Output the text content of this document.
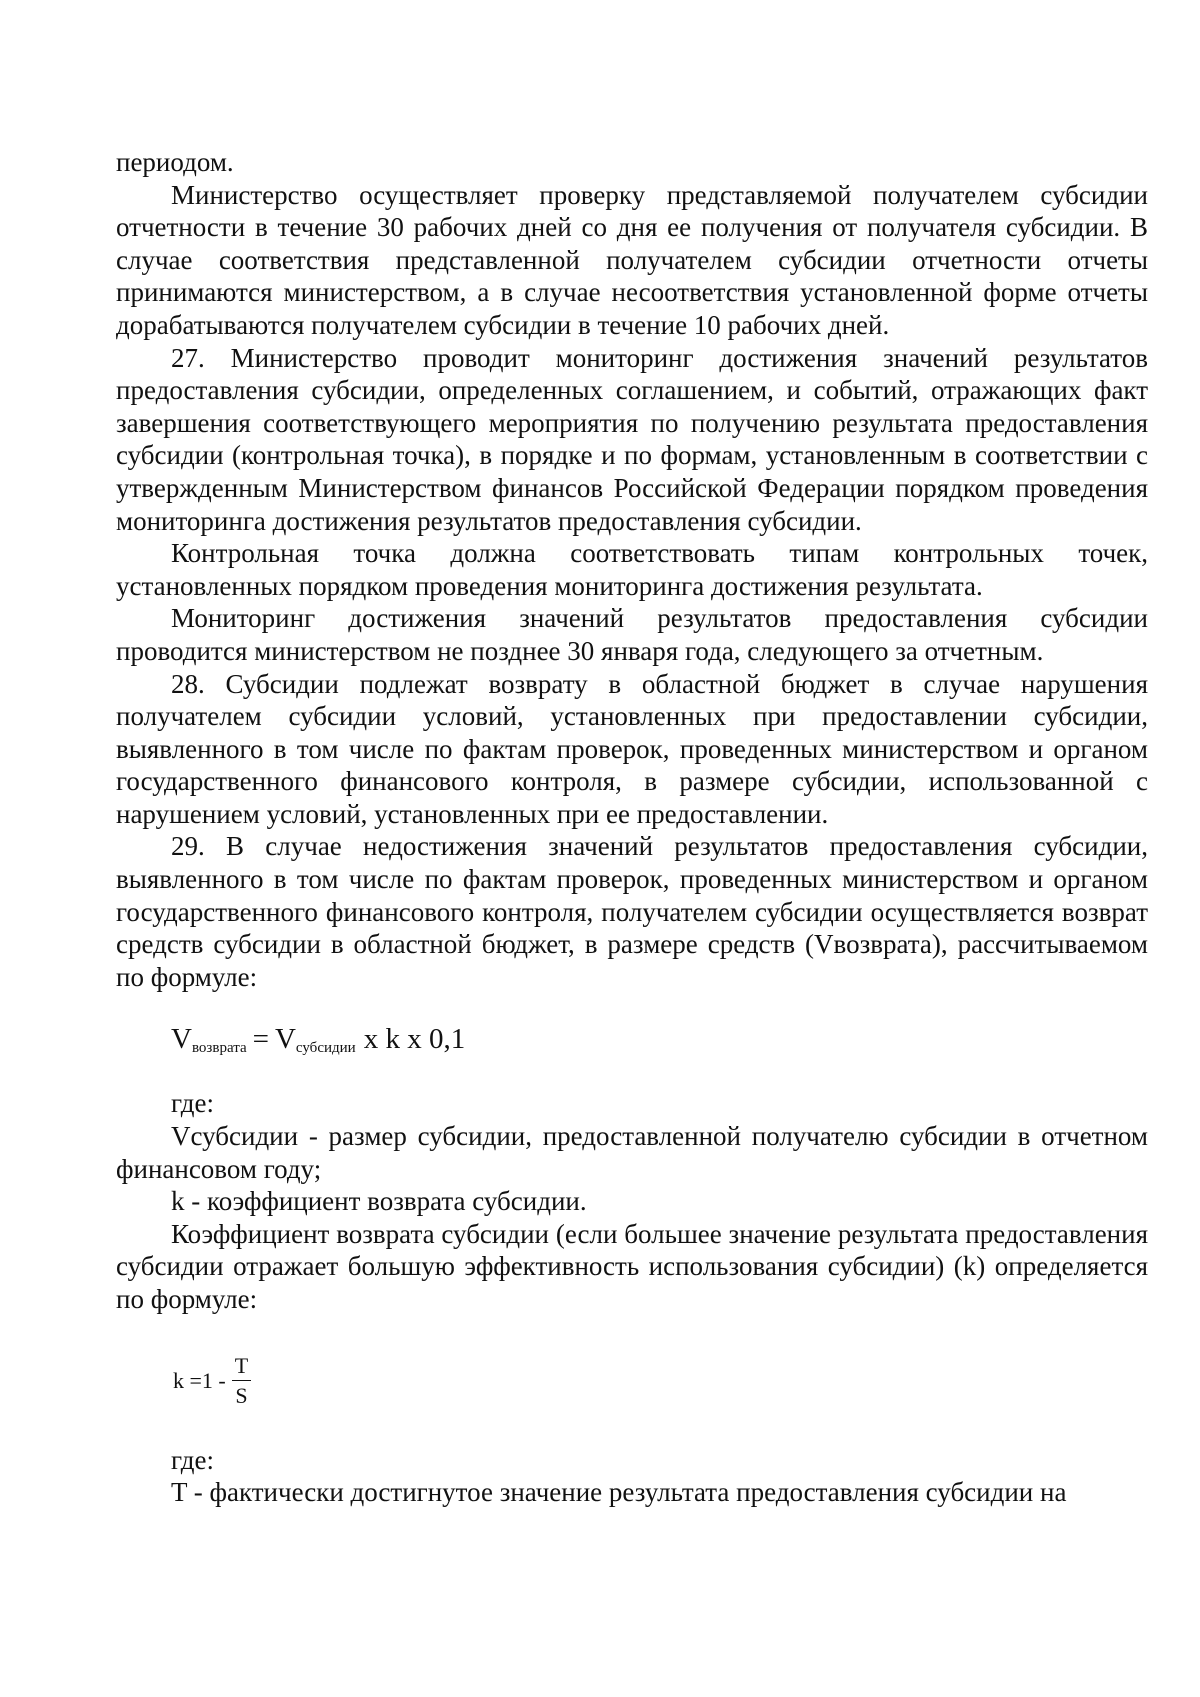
периодом.

Министерство осуществляет проверку представляемой получателем субсидии отчетности в течение 30 рабочих дней со дня ее получения от получателя субсидии. В случае соответствия представленной получателем субсидии отчетности отчеты принимаются министерством, а в случае несоответствия установленной форме отчеты дорабатываются получателем субсидии в течение 10 рабочих дней.

27. Министерство проводит мониторинг достижения значений результатов предоставления субсидии, определенных соглашением, и событий, отражающих факт завершения соответствующего мероприятия по получению результата предоставления субсидии (контрольная точка), в порядке и по формам, установленным в соответствии с утвержденным Министерством финансов Российской Федерации порядком проведения мониторинга достижения результатов предоставления субсидии.

Контрольная точка должна соответствовать типам контрольных точек, установленных порядком проведения мониторинга достижения результата.

Мониторинг достижения значений результатов предоставления субсидии проводится министерством не позднее 30 января года, следующего за отчетным.

28. Субсидии подлежат возврату в областной бюджет в случае нарушения получателем субсидии условий, установленных при предоставлении субсидии, выявленного в том числе по фактам проверок, проведенных министерством и органом государственного финансового контроля, в размере субсидии, использованной с нарушением условий, установленных при ее предоставлении.

29. В случае недостижения значений результатов предоставления субсидии, выявленного в том числе по фактам проверок, проведенных министерством и органом государственного финансового контроля, получателем субсидии осуществляется возврат средств субсидии в областной бюджет, в размере средств (Vвозврата), рассчитываемом по формуле:

V возврата = V субсидии x k x 0,1

где:

Vсубсидии - размер субсидии, предоставленной получателю субсидии в отчетном финансовом году;

k - коэффициент возврата субсидии.

Коэффициент возврата субсидии (если большее значение результата предоставления субсидии отражает большую эффективность использования субсидии) (k) определяется по формуле:

$k =1 - \frac{T}{S}$

где:

T - фактически достигнутое значение результата предоставления субсидии на
